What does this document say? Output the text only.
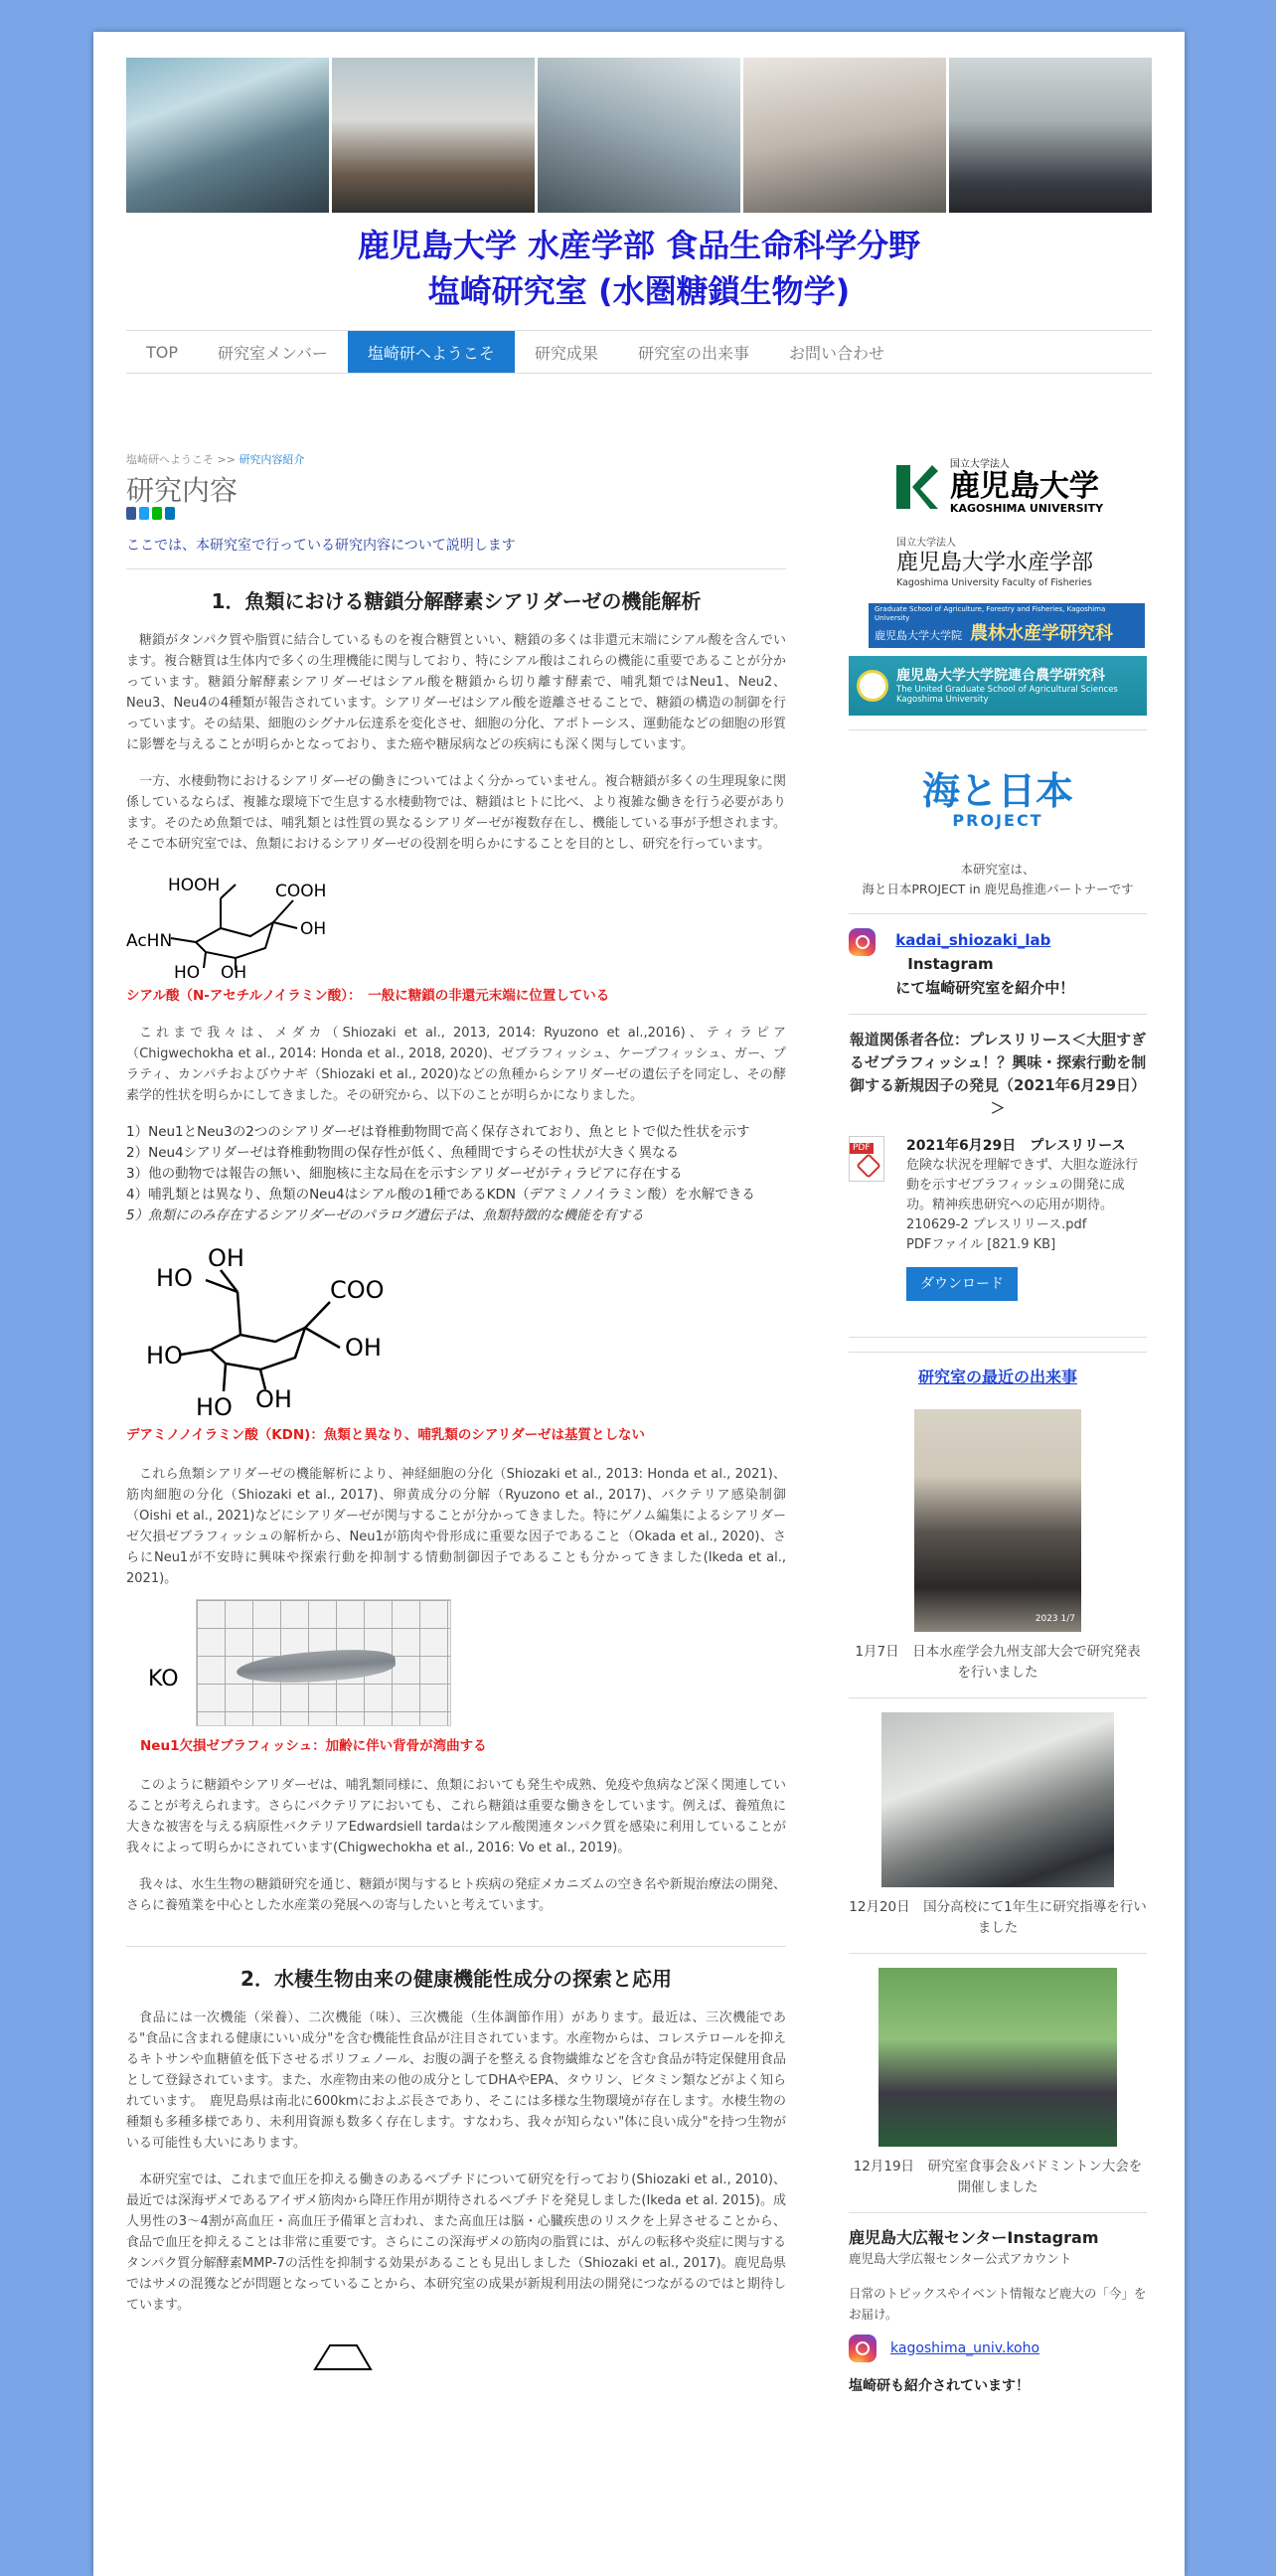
鹿児島大学 水産学部 食品生命科学分野
塩崎研究室 (水圏糖鎖生物学)
TOP	研究室メンバー	塩崎研へようこそ	研究成果	研究室の出来事	お問い合わせ
塩崎研へようこそ >> 研究内容紹介
研究内容
ここでは、本研究室で行っている研究内容について説明します
1．魚類における糖鎖分解酵素シアリダーゼの機能解析

糖鎖がタンパク質や脂質に結合しているものを複合糖質といい、糖鎖の多くは非還元末端にシアル酸を含んでいます。複合糖質は生体内で多くの生理機能に関与しており、特にシアル酸はこれらの機能に重要であることが分かっています。糖鎖分解酵素シアリダーゼはシアル酸を糖鎖から切り離す酵素で、哺乳類ではNeu1、Neu2、Neu3、Neu4の4種類が報告されています。シアリダーゼはシアル酸を遊離させることで、糖鎖の構造の制御を行っています。その結果、細胞のシグナル伝達系を変化させ、細胞の分化、アポトーシス、運動能などの細胞の形質に影響を与えることが明らかとなっており、また癌や糖尿病などの疾病にも深く関与しています。

一方、水棲動物におけるシアリダーゼの働きについてはよく分かっていません。複合糖鎖が多くの生理現象に関係しているならば、複雑な環境下で生息する水棲動物では、糖鎖はヒトに比べ、より複雑な働きを行う必要があります。そのため魚類では、哺乳類とは性質の異なるシアリダーゼが複数存在し、機能している事が予想されます。そこで本研究室では、魚類におけるシアリダーゼの役割を明らかにすることを目的とし、研究を行っています。

HOOH	COOH
OH
AcHN
HO OH
シアル酸（N-アセチルノイラミン酸）：　一般に糖鎖の非還元末端に位置している

これまで我々は、メダカ（Shiozaki et al., 2013, 2014: Ryuzono et al.,2016)、ティラピア（Chigwechokha et al., 2014: Honda et al., 2018, 2020)、ゼブラフィッシュ、ケープフィッシュ、ガー、プラティ、カンパチおよびウナギ（Shiozaki et al., 2020)などの魚種からシアリダーゼの遺伝子を同定し、その酵素学的性状を明らかにしてきました。その研究から、以下のことが明らかになりました。

1）Neu1とNeu3の2つのシアリダーゼは脊椎動物間で高く保存されており、魚とヒトで似た性状を示す
2）Neu4シアリダーゼは脊椎動物間の保存性が低く、魚種間ですらその性状が大きく異なる
3）他の動物では報告の無い、細胞核に主な局在を示すシアリダーゼがティラピアに存在する
4）哺乳類とは異なり、魚類のNeu4はシアル酸の1種であるKDN（デアミノノイラミン酸）を水解できる
5）魚類にのみ存在するシアリダーゼのパラログ遺伝子は、魚類特徴的な機能を有する
OH
HO	COO
OH
HO
HO OH
デアミノノイラミン酸（KDN)：魚類と異なり、哺乳類のシアリダーゼは基質としない

これら魚類シアリダーゼの機能解析により、神経細胞の分化（Shiozaki et al., 2013: Honda et al., 2021)、筋肉細胞の分化（Shiozaki et al., 2017)、卵黄成分の分解（Ryuzono et al., 2017)、バクテリア感染制御（Oishi et al., 2021)などにシアリダーゼが関与することが分かってきました。特にゲノム編集によるシアリダーゼ欠損ゼブラフィッシュの解析から、Neu1が筋肉や骨形成に重要な因子であること（Okada et al., 2020)、さらにNeu1が不安時に興味や探索行動を抑制する情動制御因子であることも分かってきました(Ikeda et al., 2021)。

KO
Neu1欠損ゼブラフィッシュ：加齢に伴い背骨が湾曲する

このように糖鎖やシアリダーゼは、哺乳類同様に、魚類においても発生や成熟、免疫や魚病など深く関連していることが考えられます。さらにバクテリアにおいても、これら糖鎖は重要な働きをしています。例えば、養殖魚に大きな被害を与える病原性バクテリアEdwardsiell tardaはシアル酸関連タンパク質を感染に利用していることが我々によって明らかにされています(Chigwechokha et al., 2016: Vo et al., 2019)。

我々は、水生生物の糖鎖研究を通じ、糖鎖が関与するヒト疾病の発症メカニズムの空き名や新規治療法の開発、さらに養殖業を中心とした水産業の発展への寄与したいと考えています。

2．水棲生物由来の健康機能性成分の探索と応用

食品には一次機能（栄養）、二次機能（味）、三次機能（生体調節作用）があります。最近は、三次機能である"食品に含まれる健康にいい成分"を含む機能性食品が注目されています。水産物からは、コレステロールを抑えるキトサンや血糖値を低下させるポリフェノール、お腹の調子を整える食物繊維などを含む食品が特定保健用食品として登録されています。また、水産物由来の他の成分としてDHAやEPA、タウリン、ビタミン類などがよく知られています。　鹿児島県は南北に600kmにおよぶ長さであり、そこには多様な生物環境が存在します。水棲生物の種類も多種多様であり、未利用資源も数多く存在します。すなわち、我々が知らない"体に良い成分"を持つ生物がいる可能性も大いにあります。

本研究室では、これまで血圧を抑える働きのあるペプチドについて研究を行っており(Shiozaki et al., 2010)、最近では深海ザメであるアイザメ筋肉から降圧作用が期待されるペプチドを発見しました(Ikeda et al. 2015)。成人男性の3～4割が高血圧・高血圧予備軍と言われ、また高血圧は脳・心臓疾患のリスクを上昇させることから、食品で血圧を抑えることは非常に重要です。さらにこの深海ザメの筋肉の脂質には、がんの転移や炎症に関与するタンパク質分解酵素MMP-7の活性を抑制する効果があることも見出しました（Shiozaki et al., 2017)。鹿児島県ではサメの混獲などが問題となっていることから、本研究室の成果が新規利用法の開発につながるのではと期待しています。

国立大学法人
鹿児島大学
KAGOSHIMA UNIVERSITY
国立大学法人
鹿児島大学水産学部
Kagoshima University Faculty of Fisheries
Graduate School of Agriculture, Forestry and Fisheries, Kagoshima University
鹿児島大学大学院 農林水産学研究科
鹿児島大学大学院連合農学研究科
The United Graduate School of Agricultural Sciences
Kagoshima University
海と日本
PROJECT
本研究室は、
海と日本PROJECT in 鹿児島推進パートナーです
kadai_shiozaki_lab Instagram
にて塩崎研究室を紹介中！
報道関係者各位：プレスリリース＜大胆すぎるゼブラフィッシュ！？興味・探索行動を制御する新規因子の発見（2021年6月29日）＞
PDF	2021年6月29日　プレスリリース
危険な状況を理解できず、大胆な遊泳行動を示すゼブラフィッシュの開発に成功。精神疾患研究への応用が期待。
210629-2 プレスリリース.pdf
PDFファイル [821.9 KB]
ダウンロード
研究室の最近の出来事
2023 1/7
1月7日　日本水産学会九州支部大会で研究発表を行いました
12月20日　国分高校にて1年生に研究指導を行いました
12月19日　研究室食事会＆バドミントン大会を開催しました
鹿児島大広報センターInstagram
鹿児島大学広報センター公式アカウント
日常のトピックスやイベント情報など鹿大の「今」をお届け。
kagoshima_univ.koho
塩崎研も紹介されています！
